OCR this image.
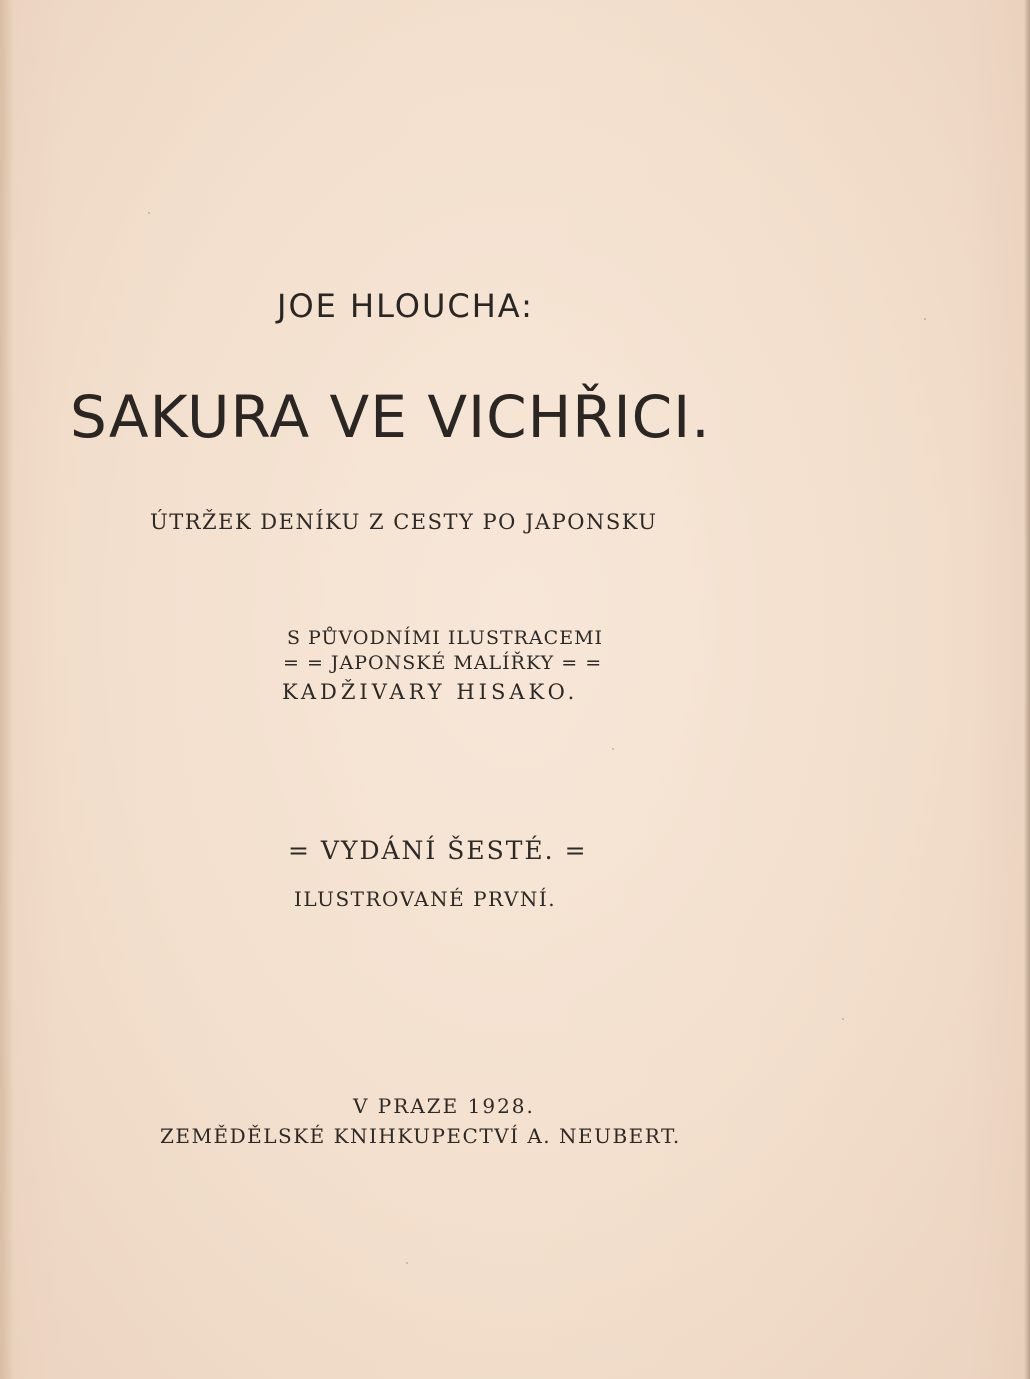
JOE HLOUCHA:

SAKURA VE VICHŘICI.

ÚTRŽEK DENÍKU Z CESTY PO JAPONSKU

S PŮVODNÍMI ILUSTRACEMI

= = JAPONSKÉ MALÍŘKY = =

KADŽIVARY HISAKO.

= VYDÁNÍ ŠESTÉ. =

ILUSTROVANÉ PRVNÍ.

V PRAZE 1928.

ZEMĚDĚLSKÉ KNIHKUPECTVÍ A. NEUBERT.
